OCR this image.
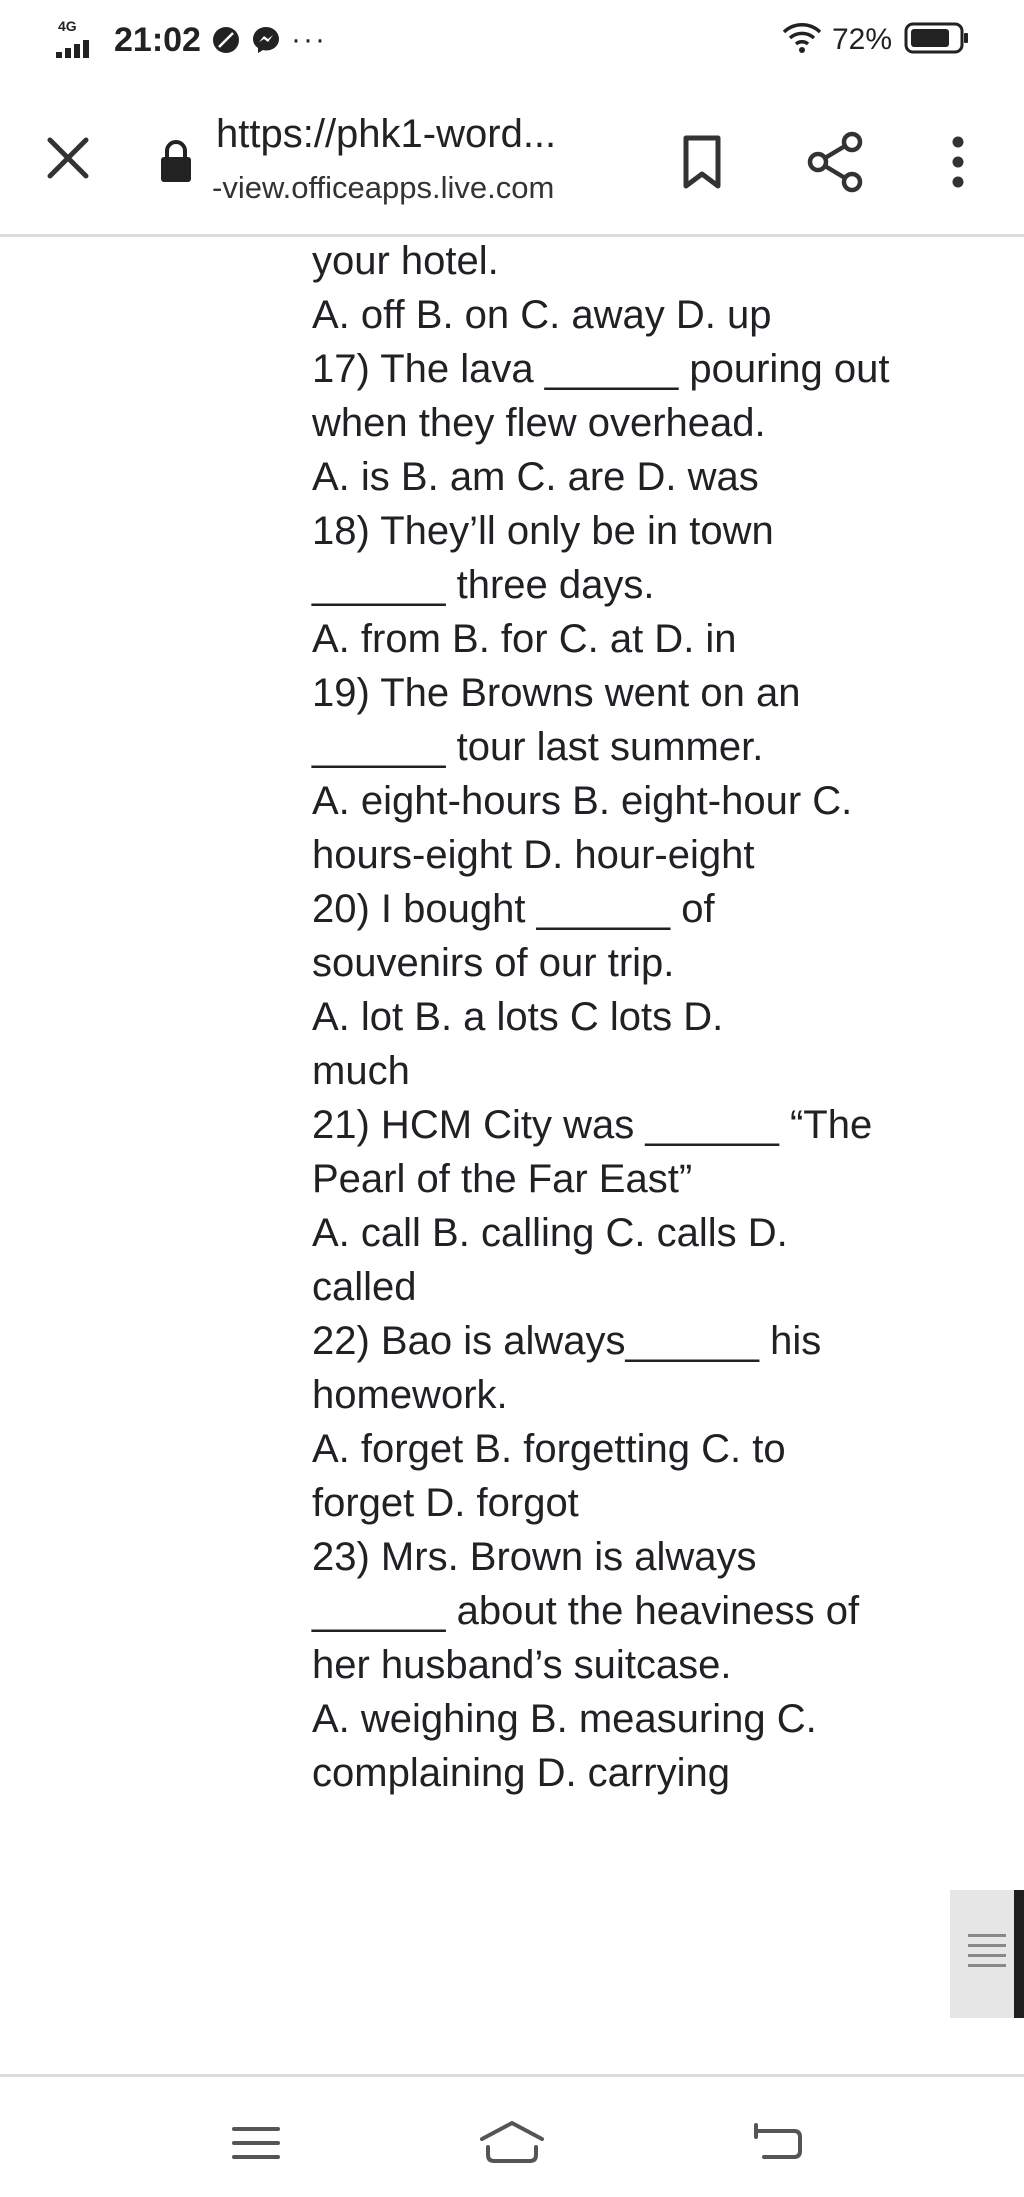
4G 21:02	···	72%
https://phk1-word...
-view.officeapps.live.com
your hotel.
A. off B. on C. away D. up
17) The lava ______ pouring out
when they flew overhead.
A. is B. am C. are D. was
18) They’ll only be in town
______ three days.
A. from B. for C. at D. in
19) The Browns went on an
______ tour last summer.
A. eight-hours B. eight-hour C.
hours-eight D. hour-eight
20) I bought ______ of
souvenirs of our trip.
A. lot B. a lots C lots D.
much
21) HCM City was ______ “The
Pearl of the Far East”
A. call B. calling C. calls D.
called
22) Bao is always______ his
homework.
A. forget B. forgetting C. to
forget D. forgot
23) Mrs. Brown is always
______ about the heaviness of
her husband’s suitcase.
A. weighing B. measuring C.
complaining D. carrying
